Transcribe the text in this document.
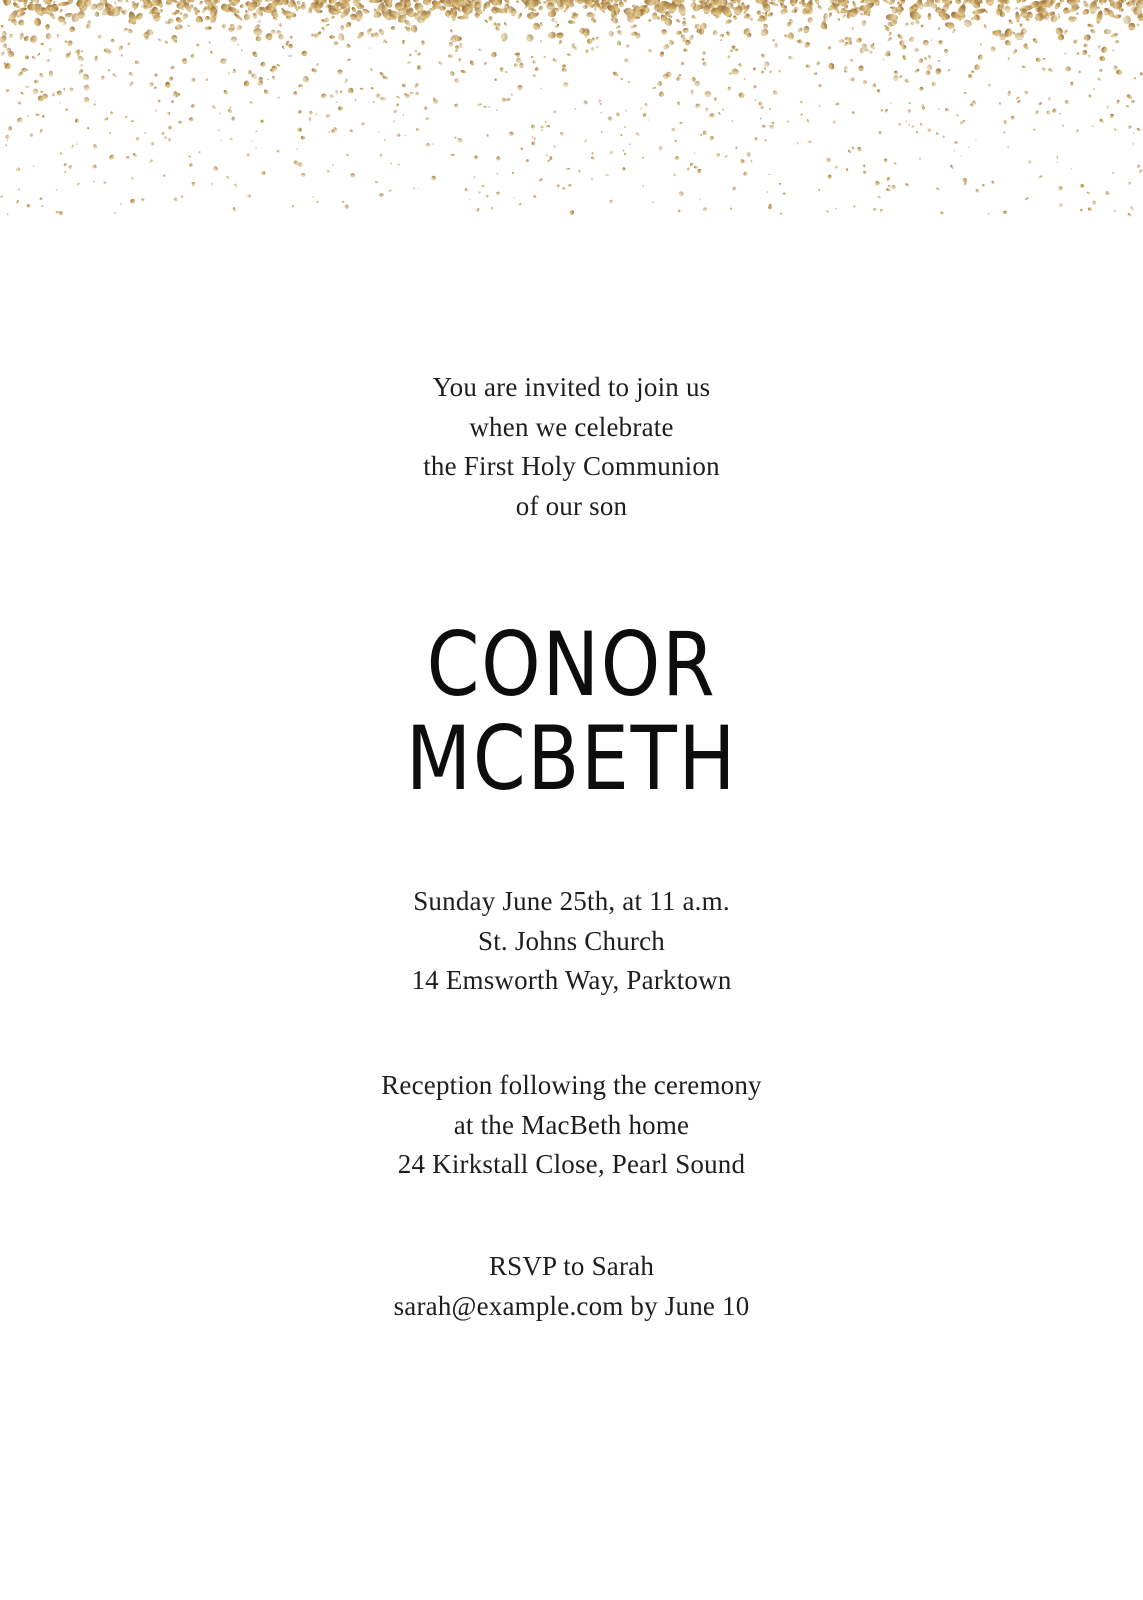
You are invited to join us
when we celebrate
the First Holy Communion
of our son
CONOR
MCBETH
Sunday June 25th, at 11 a.m.
St. Johns Church
14 Emsworth Way, Parktown
Reception following the ceremony
at the MacBeth home
24 Kirkstall Close, Pearl Sound
RSVP to Sarah
sarah@example.com by June 10
